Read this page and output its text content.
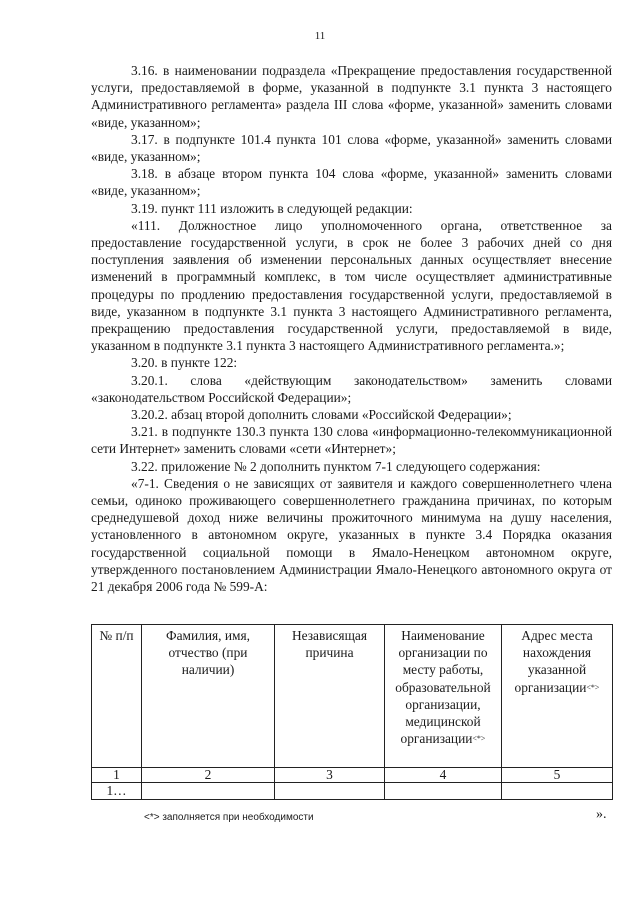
11

3.16. в наименовании подраздела «Прекращение предоставления государственной услуги, предоставляемой в форме, указанной в подпункте 3.1 пункта 3 настоящего Административного регламента» раздела III слова «форме, указанной» заменить словами «виде, указанном»;

3.17. в подпункте 101.4 пункта 101 слова «форме, указанной» заменить словами «виде, указанном»;

3.18. в абзаце втором пункта 104 слова «форме, указанной» заменить словами «виде, указанном»;

3.19. пункт 111 изложить в следующей редакции:

«111. Должностное лицо уполномоченного органа, ответственное за предоставление государственной услуги, в срок не более 3 рабочих дней со дня поступления заявления об изменении персональных данных осуществляет внесение изменений в программный комплекс, в том числе осуществляет административные процедуры по продлению предоставления государственной услуги, предоставляемой в виде, указанном в подпункте 3.1 пункта 3 настоящего Административного регламента, прекращению предоставления государственной услуги, предоставляемой в виде, указанном в подпункте 3.1 пункта 3 настоящего Административного регламента.»;

3.20. в пункте 122:

3.20.1. слова «действующим законодательством» заменить словами «законодательством Российской Федерации»;

3.20.2. абзац второй дополнить словами «Российской Федерации»;

3.21. в подпункте 130.3 пункта 130 слова «информационно-телекоммуникационной сети Интернет» заменить словами «сети «Интернет»;

3.22. приложение № 2 дополнить пунктом 7-1 следующего содержания:

«7-1. Сведения о не зависящих от заявителя и каждого совершеннолетнего члена семьи, одиноко проживающего совершеннолетнего гражданина причинах, по которым среднедушевой доход ниже величины прожиточного минимума на душу населения, установленного в автономном округе, указанных в пункте 3.4 Порядка оказания государственной социальной помощи в Ямало-Ненецком автономном округе, утвержденного постановлением Администрации Ямало-Ненецкого автономного округа от 21 декабря 2006 года № 599-А:

№ п/п	Фамилия, имя, отчество (при наличии)	Независящая причина	Наименование организации по месту работы, образовательной организации, медицинской организации<*>	Адрес места нахождения указанной организации<*>
1	2	3	4	5
1…				
<*> заполняется при необходимости	».
